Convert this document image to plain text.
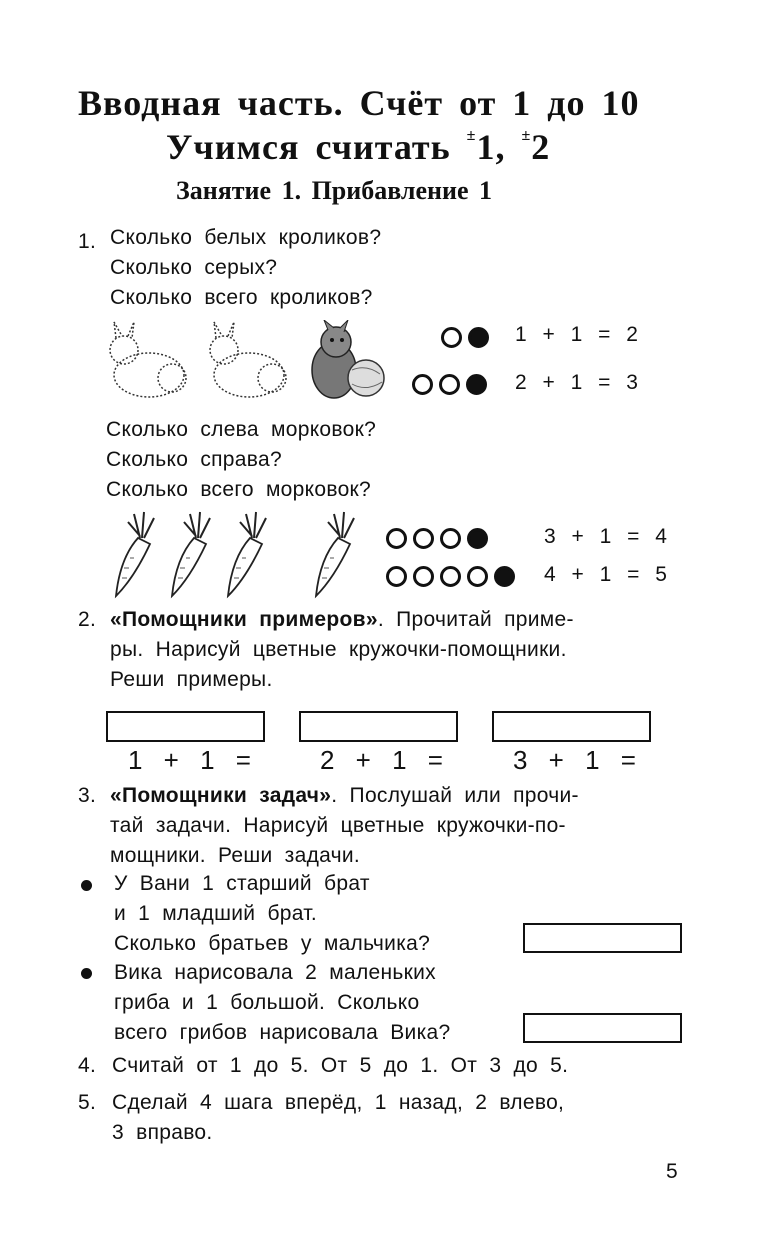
Вводная часть. Счёт от 1 до 10
Учимся считать ±1, ±2
Занятие 1. Прибавление 1
1. Сколько белых кроликов?
Сколько серых?
Сколько всего кроликов?
1 + 1 = 2
2 + 1 = 3
Сколько слева морковок?
Сколько справа?
Сколько всего морковок?
3 + 1 = 4
4 + 1 = 5
2. «Помощники примеров». Прочитай приме-
ры. Нарисуй цветные кружочки-помощники.
Реши примеры.
1 + 1 =	2 + 1 =	3 + 1 =
3. «Помощники задач». Послушай или прочи-
тай задачи. Нарисуй цветные кружочки-по-
мощники. Реши задачи.
У Вани 1 старший брат
и 1 младший брат.
Сколько братьев у мальчика?
Вика нарисовала 2 маленьких
гриба и 1 большой. Сколько
всего грибов нарисовала Вика?
4. Считай от 1 до 5. От 5 до 1. От 3 до 5.
5. Сделай 4 шага вперёд, 1 назад, 2 влево,
3 вправо.
5
